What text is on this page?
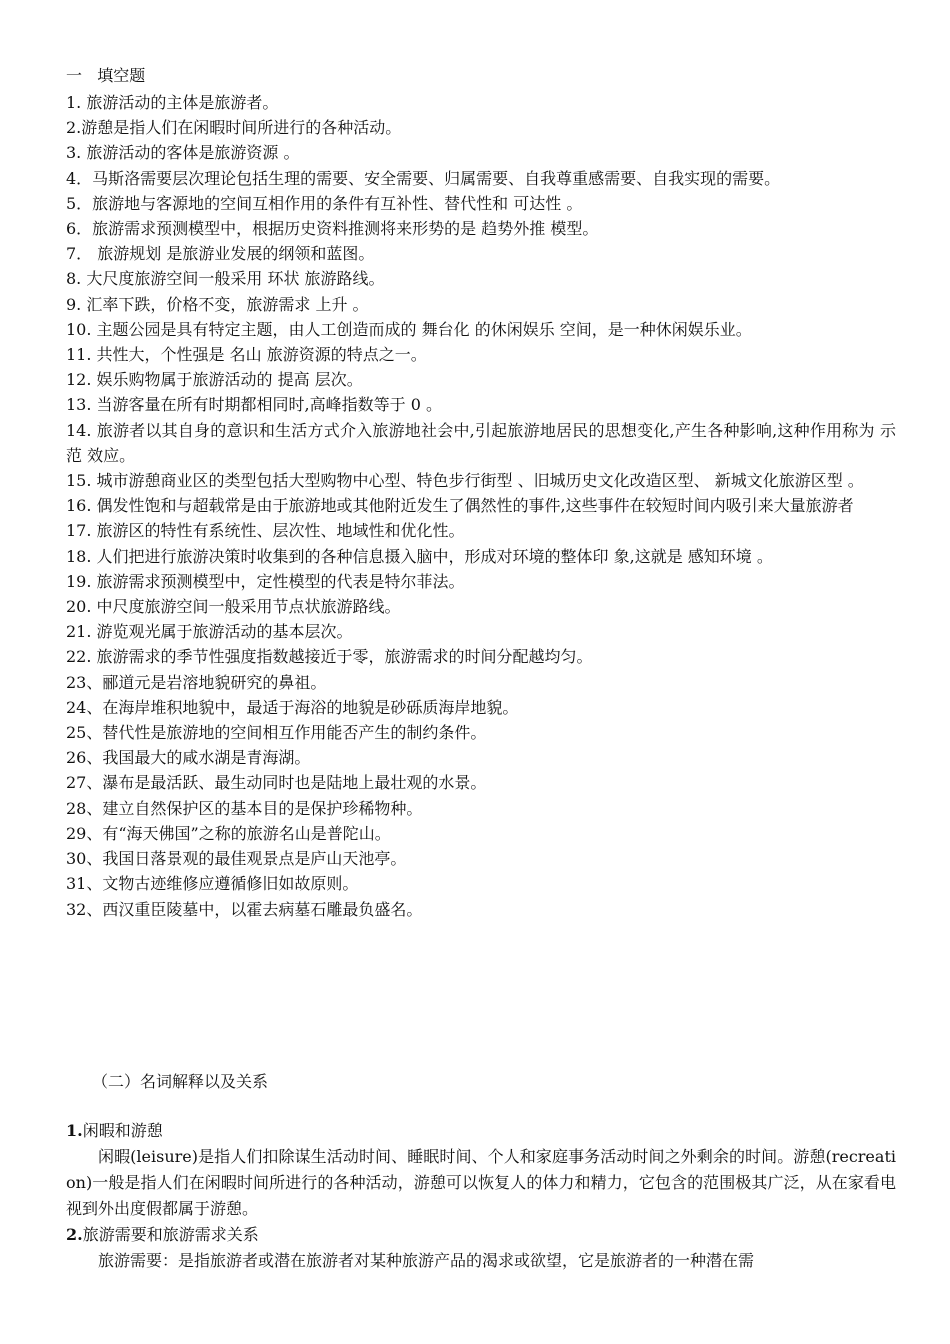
一   填空题
1. 旅游活动的主体是旅游者。
2.游憩是指人们在闲暇时间所进行的各种活动。
3. 旅游活动的客体是旅游资源 。
4．马斯洛需要层次理论包括生理的需要、安全需要、归属需要、自我尊重感需要、自我实现的需要。
5．旅游地与客源地的空间互相作用的条件有互补性、替代性和 可达性 。
6．旅游需求预测模型中，根据历史资料推测将来形势的是 趋势外推 模型。
7． 旅游规划 是旅游业发展的纲领和蓝图。
8. 大尺度旅游空间一般采用 环状 旅游路线。
9. 汇率下跌，价格不变，旅游需求 上升 。
10. 主题公园是具有特定主题，由人工创造而成的 舞台化 的休闲娱乐 空间，是一种休闲娱乐业。
11. 共性大，个性强是 名山 旅游资源的特点之一。
12. 娱乐购物属于旅游活动的 提高 层次。
13. 当游客量在所有时期都相同时,高峰指数等于 0 。
14. 旅游者以其自身的意识和生活方式介入旅游地社会中,引起旅游地居民的思想变化,产生各种影响,这种作用称为 示范 效应。
15. 城市游憩商业区的类型包括大型购物中心型、特色步行街型 、旧城历史文化改造区型、 新城文化旅游区型 。
16. 偶发性饱和与超载常是由于旅游地或其他附近发生了偶然性的事件,这些事件在较短时间内吸引来大量旅游者
17. 旅游区的特性有系统性、层次性、地域性和优化性。
18. 人们把进行旅游决策时收集到的各种信息摄入脑中，形成对环境的整体印 象,这就是 感知环境 。
19. 旅游需求预测模型中，定性模型的代表是特尔菲法。
20. 中尺度旅游空间一般采用节点状旅游路线。
21. 游览观光属于旅游活动的基本层次。
22. 旅游需求的季节性强度指数越接近于零，旅游需求的时间分配越均匀。
23、郦道元是岩溶地貌研究的鼻祖。
24、在海岸堆积地貌中，最适于海浴的地貌是砂砾质海岸地貌。
25、替代性是旅游地的空间相互作用能否产生的制约条件。
26、我国最大的咸水湖是青海湖。
27、瀑布是最活跃、最生动同时也是陆地上最壮观的水景。
28、建立自然保护区的基本目的是保护珍稀物种。
29、有“海天佛国”之称的旅游名山是普陀山。
30、我国日落景观的最佳观景点是庐山天池亭。
31、文物古迹维修应遵循修旧如故原则。
32、西汉重臣陵墓中，以霍去病墓石雕最负盛名。
（二）名词解释以及关系
1.闲暇和游憩
闲暇(leisure)是指人们扣除谋生活动时间、睡眠时间、个人和家庭事务活动时间之外剩余的时间。游憩(recreation)一般是指人们在闲暇时间所进行的各种活动，游憩可以恢复人的体力和精力，它包含的范围极其广泛，从在家看电视到外出度假都属于游憩。
2.旅游需要和旅游需求关系
旅游需要：是指旅游者或潜在旅游者对某种旅游产品的渴求或欲望，它是旅游者的一种潜在需
